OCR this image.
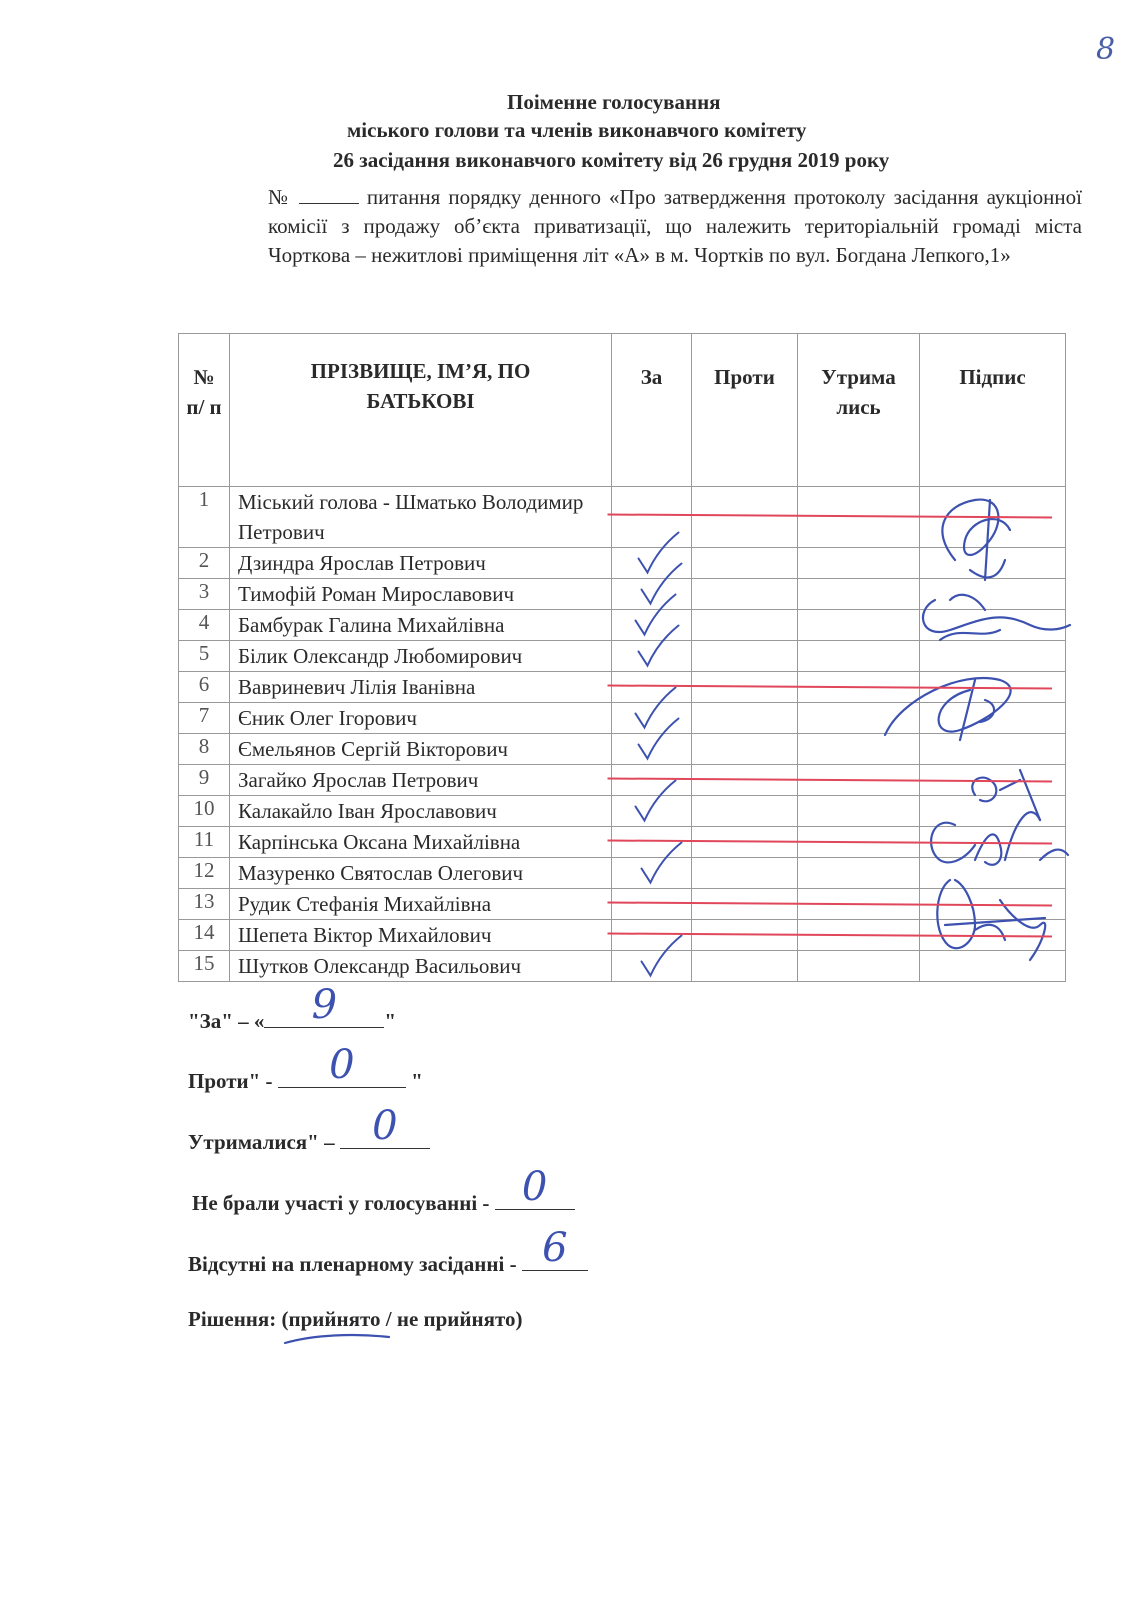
8
Поіменне голосування
міського голови та членів виконавчого комітету
26 засідання виконавчого комітету від 26 грудня 2019 року
№	питання порядку денного «Про затвердження протоколу засідання аукціонної комісії з продажу об’єкта приватизації, що належить територіальній громаді міста Чорткова – нежитлові приміщення літ «А» в м. Чортків по вул. Богдана Лепкого,1»
№ п/ п	ПРІЗВИЩЕ, ІМ’Я, ПО БАТЬКОВІ	За	Проти	Утрима лись	Підпис
1	Міський голова - Шматько Володимир Петрович				
2	Дзиндра Ярослав Петрович				
3	Тимофій Роман Мирославович				
4	Бамбурак Галина Михайлівна				
5	Білик Олександр Любомирович				
6	Вавриневич Лілія Іванівна				
7	Єник Олег Ігорович				
8	Ємельянов Сергій Вікторович				
9	Загайко Ярослав Петрович				
10	Калакайло Іван Ярославович				
11	Карпінська Оксана Михайлівна				
12	Мазуренко Святослав Олегович				
13	Рудик Стефанія Михайлівна				
14	Шепета Віктор Михайлович				
15	Шутков Олександр Васильович				
"За" – «	9	"
Проти" -	0	"
Утрималися" – 0
Не брали участі у голосуванні - 0
Відсутні на пленарному засіданні - 6
Рішення: (прийнято
/ не прийнято)
